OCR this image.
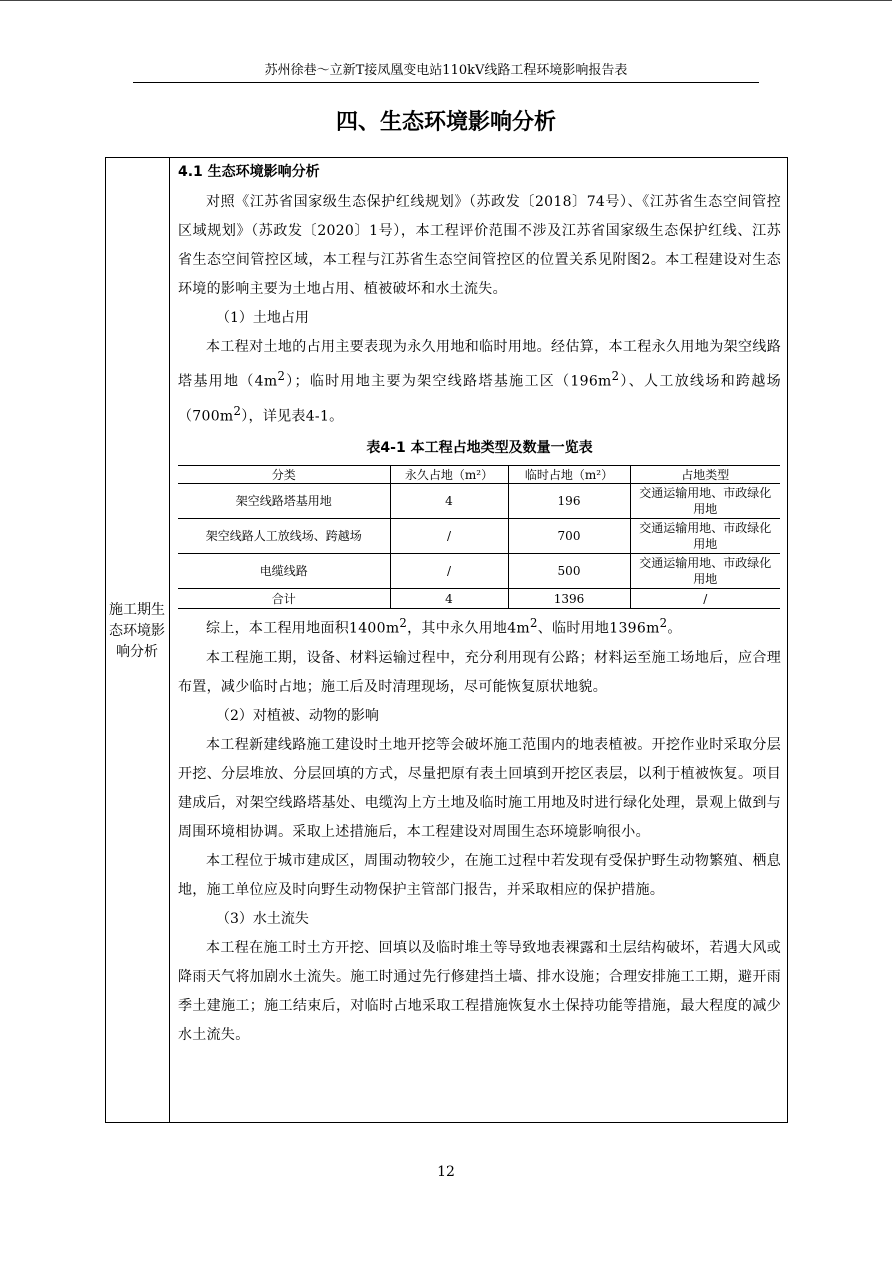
苏州徐巷～立新T接凤凰变电站110kV线路工程环境影响报告表
四、生态环境影响分析
施工期生态环境影响分析
4.1 生态环境影响分析

对照《江苏省国家级生态保护红线规划》（苏政发〔2018〕74号）、《江苏省生态空间管控区域规划》（苏政发〔2020〕1号），本工程评价范围不涉及江苏省国家级生态保护红线、江苏省生态空间管控区域，本工程与江苏省生态空间管控区的位置关系见附图2。本工程建设对生态环境的影响主要为土地占用、植被破坏和水土流失。

（1）土地占用

本工程对土地的占用主要表现为永久用地和临时用地。经估算，本工程永久用地为架空线路塔基用地$(4m^2)$；临时用地主要为架空线路塔基施工区$(196m^2)$、人工放线场和跨越场$(700m^2)$，详见表4-1。

表4-1 本工程占地类型及数量一览表
分类	永久占地（m²）	临时占地（m²）	占地类型
架空线路塔基用地	4	196	交通运输用地、市政绿化用地
架空线路人工放线场、跨越场	/	700	交通运输用地、市政绿化用地
电缆线路	/	500	交通运输用地、市政绿化用地
合计	4	1396	/

综上，本工程用地面积$1400m^2$，其中永久用地$4m^2$、临时用地$1396m^2$。

本工程施工期，设备、材料运输过程中，充分利用现有公路；材料运至施工场地后，应合理布置，减少临时占地；施工后及时清理现场，尽可能恢复原状地貌。

（2）对植被、动物的影响

本工程新建线路施工建设时土地开挖等会破坏施工范围内的地表植被。开挖作业时采取分层开挖、分层堆放、分层回填的方式，尽量把原有表土回填到开挖区表层，以利于植被恢复。项目建成后，对架空线路塔基处、电缆沟上方土地及临时施工用地及时进行绿化处理，景观上做到与周围环境相协调。采取上述措施后，本工程建设对周围生态环境影响很小。

本工程位于城市建成区，周围动物较少，在施工过程中若发现有受保护野生动物繁殖、栖息地，施工单位应及时向野生动物保护主管部门报告，并采取相应的保护措施。

（3）水土流失

本工程在施工时土方开挖、回填以及临时堆土等导致地表裸露和土层结构破坏，若遇大风或降雨天气将加剧水土流失。施工时通过先行修建挡土墙、排水设施；合理安排施工工期，避开雨季土建施工；施工结束后，对临时占地采取工程措施恢复水土保持功能等措施，最大程度的减少水土流失。

12
